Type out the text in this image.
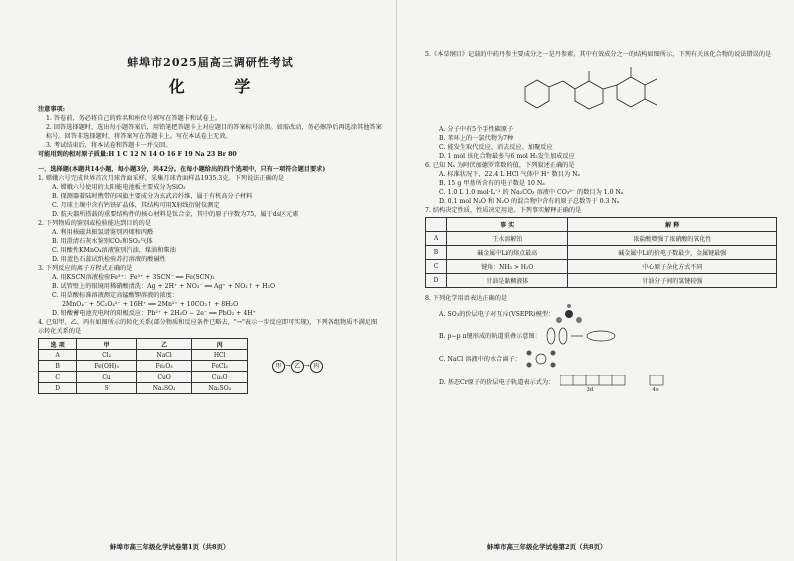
蚌埠市2025届高三调研性考试
化 学
注意事项:
1. 答卷前，务必将自己的姓名和座位号填写在答题卡和试卷上。
2. 回答选择题时，选出每小题答案后，用铅笔把答题卡上对应题目的答案标号涂黑。如需改动，务必擦净后再选涂其他答案标号。回答非选择题时，将答案写在答题卡上。写在本试卷上无效。
3. 考试结束后，将本试卷和答题卡一并交回。
可能用到的相对原子质量:H 1 C 12 N 14 O 16 F 19 Na 23 Br 80
一、选择题(本题共14小题，每小题3分，共42分。在每小题给出的四个选项中，只有一项符合题目要求)
1. 嫦娥六号完成世界首次月球背面采样，采集月球背面样品1935.3克。下列说法正确的是
A. 嫦娥六号使用的太阳能电池板主要成分为SiO₂
B. 探测器着陆时携带的国旗主要成分为玄武岩纤维，属于有机高分子材料
C. 月球土壤中含有钙铁矿晶体，其结构可用X射线衍射仪测定
D. 航天器所搭载的重要结构件的核心材料是钛合金，其中的原子序数为75，属于ds区元素
2. 下列物质的鉴别或检验能达到目的的是
A. 利用核磁共振氢谱鉴别丙烯和丙醛
B. 用澄清石灰水鉴别CO₂和SO₂气体
C. 用酸性KMnO₄溶液鉴别汽油、煤油和柴油
D. 用蓝色石蕊试纸检验苏打溶液的酸碱性
3. 下列反应的离子方程式正确的是
A. 用KSCN溶液检验Fe³⁺：Fe³⁺ + 3SCN⁻ ══ Fe(SCN)₃
B. 试管壁上的银镜用稀硝酸清洗：Ag + 2H⁺ + NO₃⁻ ══ Ag⁺ + NO₂↑ + H₂O
C. 用草酸标准溶液测定高锰酸钾溶液的浓度：
2MnO₄⁻ + 5C₂O₄²⁻ + 16H⁺ ══ 2Mn²⁺ + 10CO₂↑ + 8H₂O
D. 铅酸蓄电池充电时的阳极反应：Pb²⁺ + 2H₂O − 2e⁻ ══ PbO₂ + 4H⁺
4. 已知甲、乙、丙有如图所示的转化关系(部分物质和反应条件已略去，"→"表示一步反应即可实现)，下列各组物质不满足图示转化关系的是
选 项	甲	乙	丙
A	Cl₂	NaCl	HCl
B	Fe(OH)₃	Fe₂O₃	FeCl₃
C	Cu	CuO	Cu₂O
D	S	Na₂SO₃	Na₂SO₄
甲 → 乙 → 丙
蚌埠市高三年级化学试卷第1页（共8页）
5.《本草纲目》记载的中药丹参主要成分之一是丹参素，其中有效成分之一的结构如图所示，下列有关该化合物的说法错误的是
A. 分子中有5个手性碳原子
B. 苯环上的一氯代物为7种
C. 能发生取代反应、消去反应、加聚反应
D. 1 mol 该化合物最多与6 mol H₂发生加成反应
6. 已知 Nₐ 为阿伏加德罗常数的值，下列叙述正确的是
A. 标准状况下，22.4 L HCl 气体中 H⁺ 数目为 Nₐ
B. 15 g 甲基所含有的电子数是 10 Nₐ
C. 1.0 L 1.0 mol·L⁻¹ 的 Na₂CO₃ 溶液中 CO₃²⁻ 的数目为 1.0 Nₐ
D. 0.1 mol N₂O 和 N₂O 的混合物中含有的原子总数等于 0.3 Nₐ
7. 结构决定性质，性质决定用途。下列事实解释正确的是
	事 实	解 释
A	王水溶解铂	浓盐酸增强了浓硝酸的氧化性
B	碱金属中Li的熔点最高	碱金属中Li的价电子数最少，金属键最强
C	键角：NH₃ > H₂O	中心原子杂化方式不同
D	甘油是黏稠液体	甘油分子间的氢键较强
8. 下列化学用语表达正确的是
A. SO₃的价层电子对互斥(VSEPR)模型：
B. p−p π键形成的轨道重叠示意图：
C. NaCl 溶液中的水合离子：
D. 基态Cr原子的价层电子轨道表示式为：
3d	4s
蚌埠市高三年级化学试卷第2页（共8页）
